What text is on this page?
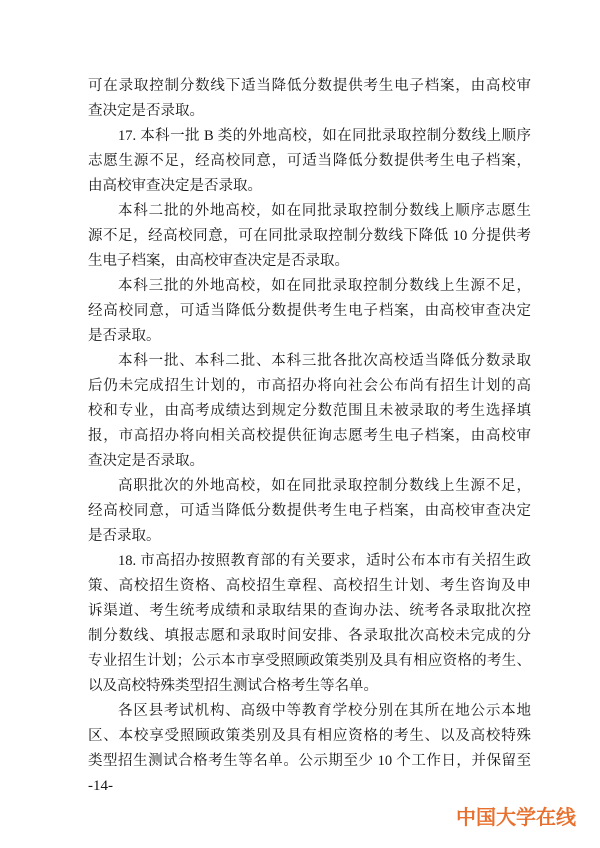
可在录取控制分数线下适当降低分数提供考生电子档案，由高校审
查决定是否录取。
17. 本科一批 B 类的外地高校，如在同批录取控制分数线上顺序
志愿生源不足，经高校同意，可适当降低分数提供考生电子档案，
由高校审查决定是否录取。
本科二批的外地高校，如在同批录取控制分数线上顺序志愿生
源不足，经高校同意，可在同批录取控制分数线下降低 10 分提供考
生电子档案，由高校审查决定是否录取。
本科三批的外地高校，如在同批录取控制分数线上生源不足，
经高校同意，可适当降低分数提供考生电子档案，由高校审查决定
是否录取。
本科一批、本科二批、本科三批各批次高校适当降低分数录取
后仍未完成招生计划的，市高招办将向社会公布尚有招生计划的高
校和专业，由高考成绩达到规定分数范围且未被录取的考生选择填
报，市高招办将向相关高校提供征询志愿考生电子档案，由高校审
查决定是否录取。
高职批次的外地高校，如在同批录取控制分数线上生源不足，
经高校同意，可适当降低分数提供考生电子档案，由高校审查决定
是否录取。
18. 市高招办按照教育部的有关要求，适时公布本市有关招生政
策、高校招生资格、高校招生章程、高校招生计划、考生咨询及申
诉渠道、考生统考成绩和录取结果的查询办法、统考各录取批次控
制分数线、填报志愿和录取时间安排、各录取批次高校未完成的分
专业招生计划；公示本市享受照顾政策类别及具有相应资格的考生、
以及高校特殊类型招生测试合格考生等名单。
各区县考试机构、高级中等教育学校分别在其所在地公示本地
区、本校享受照顾政策类别及具有相应资格的考生、以及高校特殊
类型招生测试合格考生等名单。公示期至少 10 个工作日，并保留至
-14-
中国大学在线
